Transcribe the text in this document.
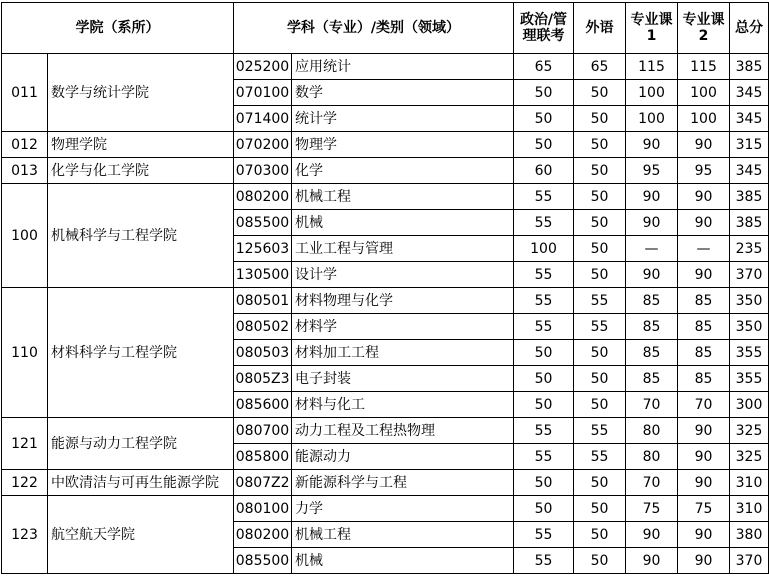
学院（系所）		学科（专业）/类别（领域）		政治/管理联考	外语	专业课1	专业课2	总分
011	数学与统计学院	025200	应用统计	65	65	115	115	385
		070100	数学	50	50	100	100	345
		071400	统计学	50	50	100	100	345
012	物理学院	070200	物理学	50	50	90	90	315
013	化学与化工学院	070300	化学	60	50	95	95	345
100	机械科学与工程学院	080200	机械工程	55	50	90	90	385
		085500	机械	55	50	90	90	385
		125603	工业工程与管理	100	50	—	—	235
		130500	设计学	55	50	90	90	370
110	材料科学与工程学院	080501	材料物理与化学	55	55	85	85	350
		080502	材料学	55	55	85	85	350
		080503	材料加工工程	50	50	85	85	355
		0805Z3	电子封装	50	50	85	85	355
		085600	材料与化工	50	50	70	70	300
121	能源与动力工程学院	080700	动力工程及工程热物理	55	55	80	90	325
		085800	能源动力	55	55	80	90	325
122	中欧清洁与可再生能源学院	0807Z2	新能源科学与工程	50	50	70	90	310
123	航空航天学院	080100	力学	50	50	75	75	310
		080200	机械工程	55	50	90	90	380
		085500	机械	55	50	90	90	370
